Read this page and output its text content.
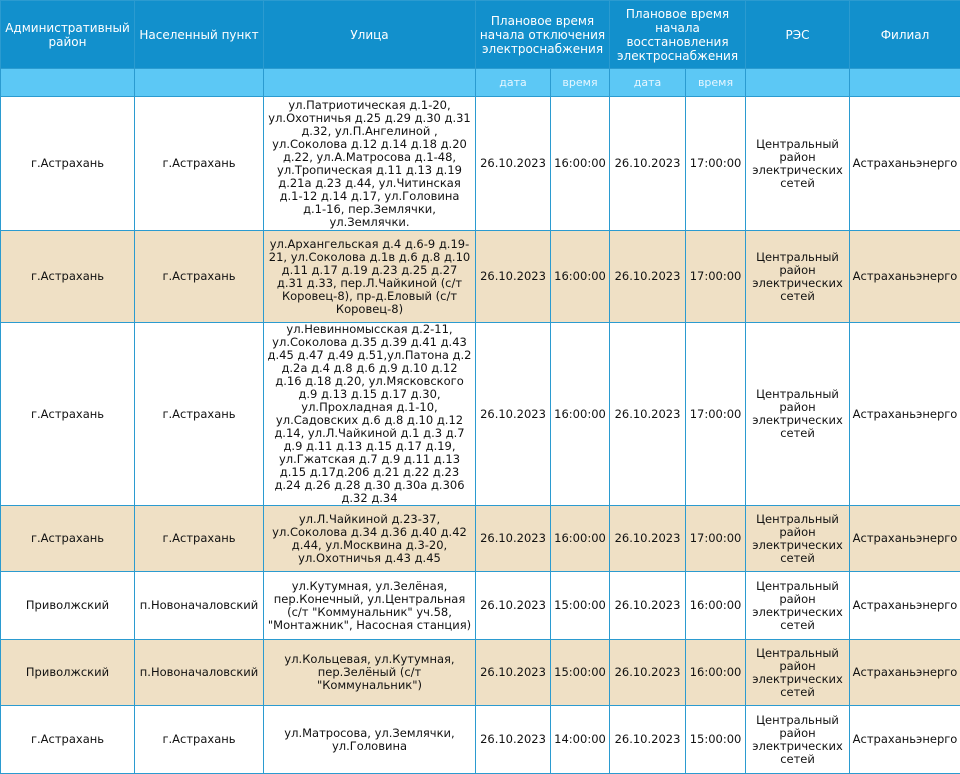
Административный район	Населенный пункт	Улица	Плановое время начала отключения электроснабжения		Плановое время начала восстановления электроснабжения		РЭС	Филиал
			дата	время	дата	время		
г.Астрахань	г.Астрахань	ул.Патриотическая д.1-20, ул.Охотничья д.25 д.29 д.30 д.31 д.32, ул.П.Ангелиной , ул.Соколова д.12 д.14 д.18 д.20 д.22, ул.А.Матросова д.1-48, ул.Тропическая д.11 д.13 д.19 д.21а д.23 д.44, ул.Читинская д.1-12 д.14 д.17, ул.Головина д.1-16, пер.Землячки, ул.Землячки.	26.10.2023	16:00:00	26.10.2023	17:00:00	Центральный район электрических сетей	Астраханьэнерго
г.Астрахань	г.Астрахань	ул.Архангельская д.4 д.6-9 д.19-21, ул.Соколова д.1в д.6 д.8 д.10 д.11 д.17 д.19 д.23 д.25 д.27 д.31 д.33, пер.Л.Чайкиной (с/т Коровец-8), пр-д.Еловый (с/т Коровец-8)	26.10.2023	16:00:00	26.10.2023	17:00:00	Центральный район электрических сетей	Астраханьэнерго
г.Астрахань	г.Астрахань	ул.Невинномысская д.2-11, ул.Соколова д.35 д.39 д.41 д.43 д.45 д.47 д.49 д.51,ул.Патона д.2 д.2а д.4 д.8 д.6 д.9 д.10 д.12 д.16 д.18 д.20, ул.Мясковского д.9 д.13 д.15 д.17 д.30, ул.Прохладная д.1-10, ул.Садовских д.6 д.8 д.10 д.12 д.14, ул.Л.Чайкиной д.1 д.3 д.7 д.9 д.11 д.13 д.15 д.17 д.19, ул.Гжатская д.7 д.9 д.11 д.13 д.15 д.17д.206 д.21 д.22 д.23 д.24 д.26 д.28 д.30 д.30а д.306 д.32 д.34	26.10.2023	16:00:00	26.10.2023	17:00:00	Центральный район электрических сетей	Астраханьэнерго
г.Астрахань	г.Астрахань	ул.Л.Чайкиной д.23-37, ул.Соколова д.34 д.36 д.40 д.42 д.44, ул.Москвина д.3-20, ул.Охотничья д.43 д.45	26.10.2023	16:00:00	26.10.2023	17:00:00	Центральный район электрических сетей	Астраханьэнерго
Приволжский	п.Новоначаловский	ул.Кутумная, ул.Зелёная, пер.Конечный, ул.Центральная (с/т "Коммунальник" уч.58, "Монтажник", Насосная станция)	26.10.2023	15:00:00	26.10.2023	16:00:00	Центральный район электрических сетей	Астраханьэнерго
Приволжский	п.Новоначаловский	ул.Кольцевая, ул.Кутумная, пер.Зелёный (с/т "Коммунальник")	26.10.2023	15:00:00	26.10.2023	16:00:00	Центральный район электрических сетей	Астраханьэнерго
г.Астрахань	г.Астрахань	ул.Матросова, ул.Землячки, ул.Головина	26.10.2023	14:00:00	26.10.2023	15:00:00	Центральный район электрических сетей	Астраханьэнерго
